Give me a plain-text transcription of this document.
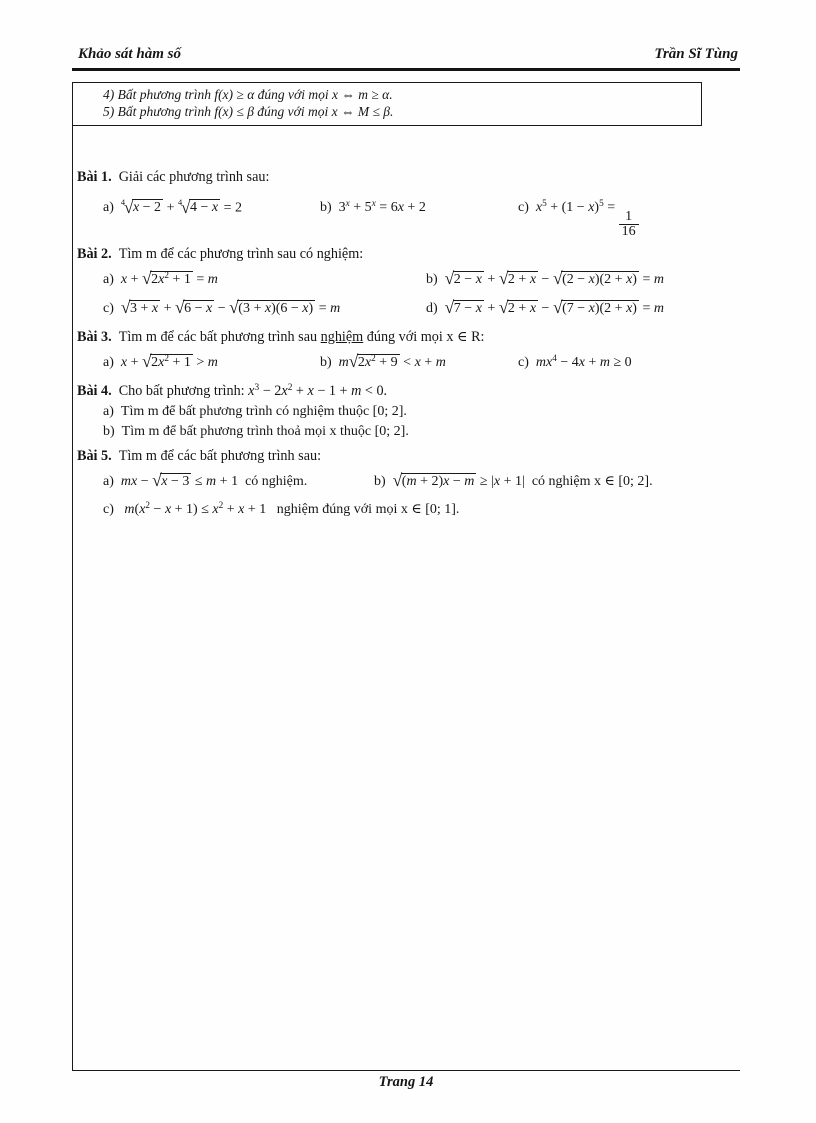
Khảo sát hàm số	Trần Sĩ Tùng
4) Bất phương trình f(x) ≥ α đúng với mọi x ⇔ m ≥ α.
5) Bất phương trình f(x) ≤ β đúng với mọi x ⇔ M ≤ β.
Bài 1. Giải các phương trình sau:
a) 4√x − 2 + 4√4 − x = 2	b) $3^x + 5^x = 6x + 2$	c) $x^5 + (1 - x)^5$ =
$\frac{1}{16}$
Bài 2. Tìm m để các phương trình sau có nghiệm:
a) $x + √2x^2 + 1 = m$	b) √2 − x + √2 + x − √(2 − x)(2 + x) = m
c) √3 + x + √6 − x − √(3 + x)(6 − x) = m	d) √7 − x + √2 + x − √(7 − x)(2 + x) = m
Bài 3. Tìm m để các bất phương trình sau nghiệm đúng với mọi x ∈ R:
a) $x + √2x^2 + 1 > m$	b) $m√2x^2 + 9 < x + m$	c) $mx^4 - 4x + m \ge 0$
Bài 4. Cho bất phương trình: $x^3 - 2x^2 + x - 1 + m < 0$.
a) Tìm m để bất phương trình có nghiệm thuộc [0; 2].
b) Tìm m để bất phương trình thoả mọi x thuộc [0; 2].
Bài 5. Tìm m để các bất phương trình sau:
a) mx − √x − 3 ≤ m + 1 có nghiệm.	b) √(m + 2)x − m ≥ |x + 1| có nghiệm x ∈ [0; 2].
c) $m(x^2 - x + 1) \le x^2 + x + 1$ nghiệm đúng với mọi x ∈ [0; 1].
Trang 14
